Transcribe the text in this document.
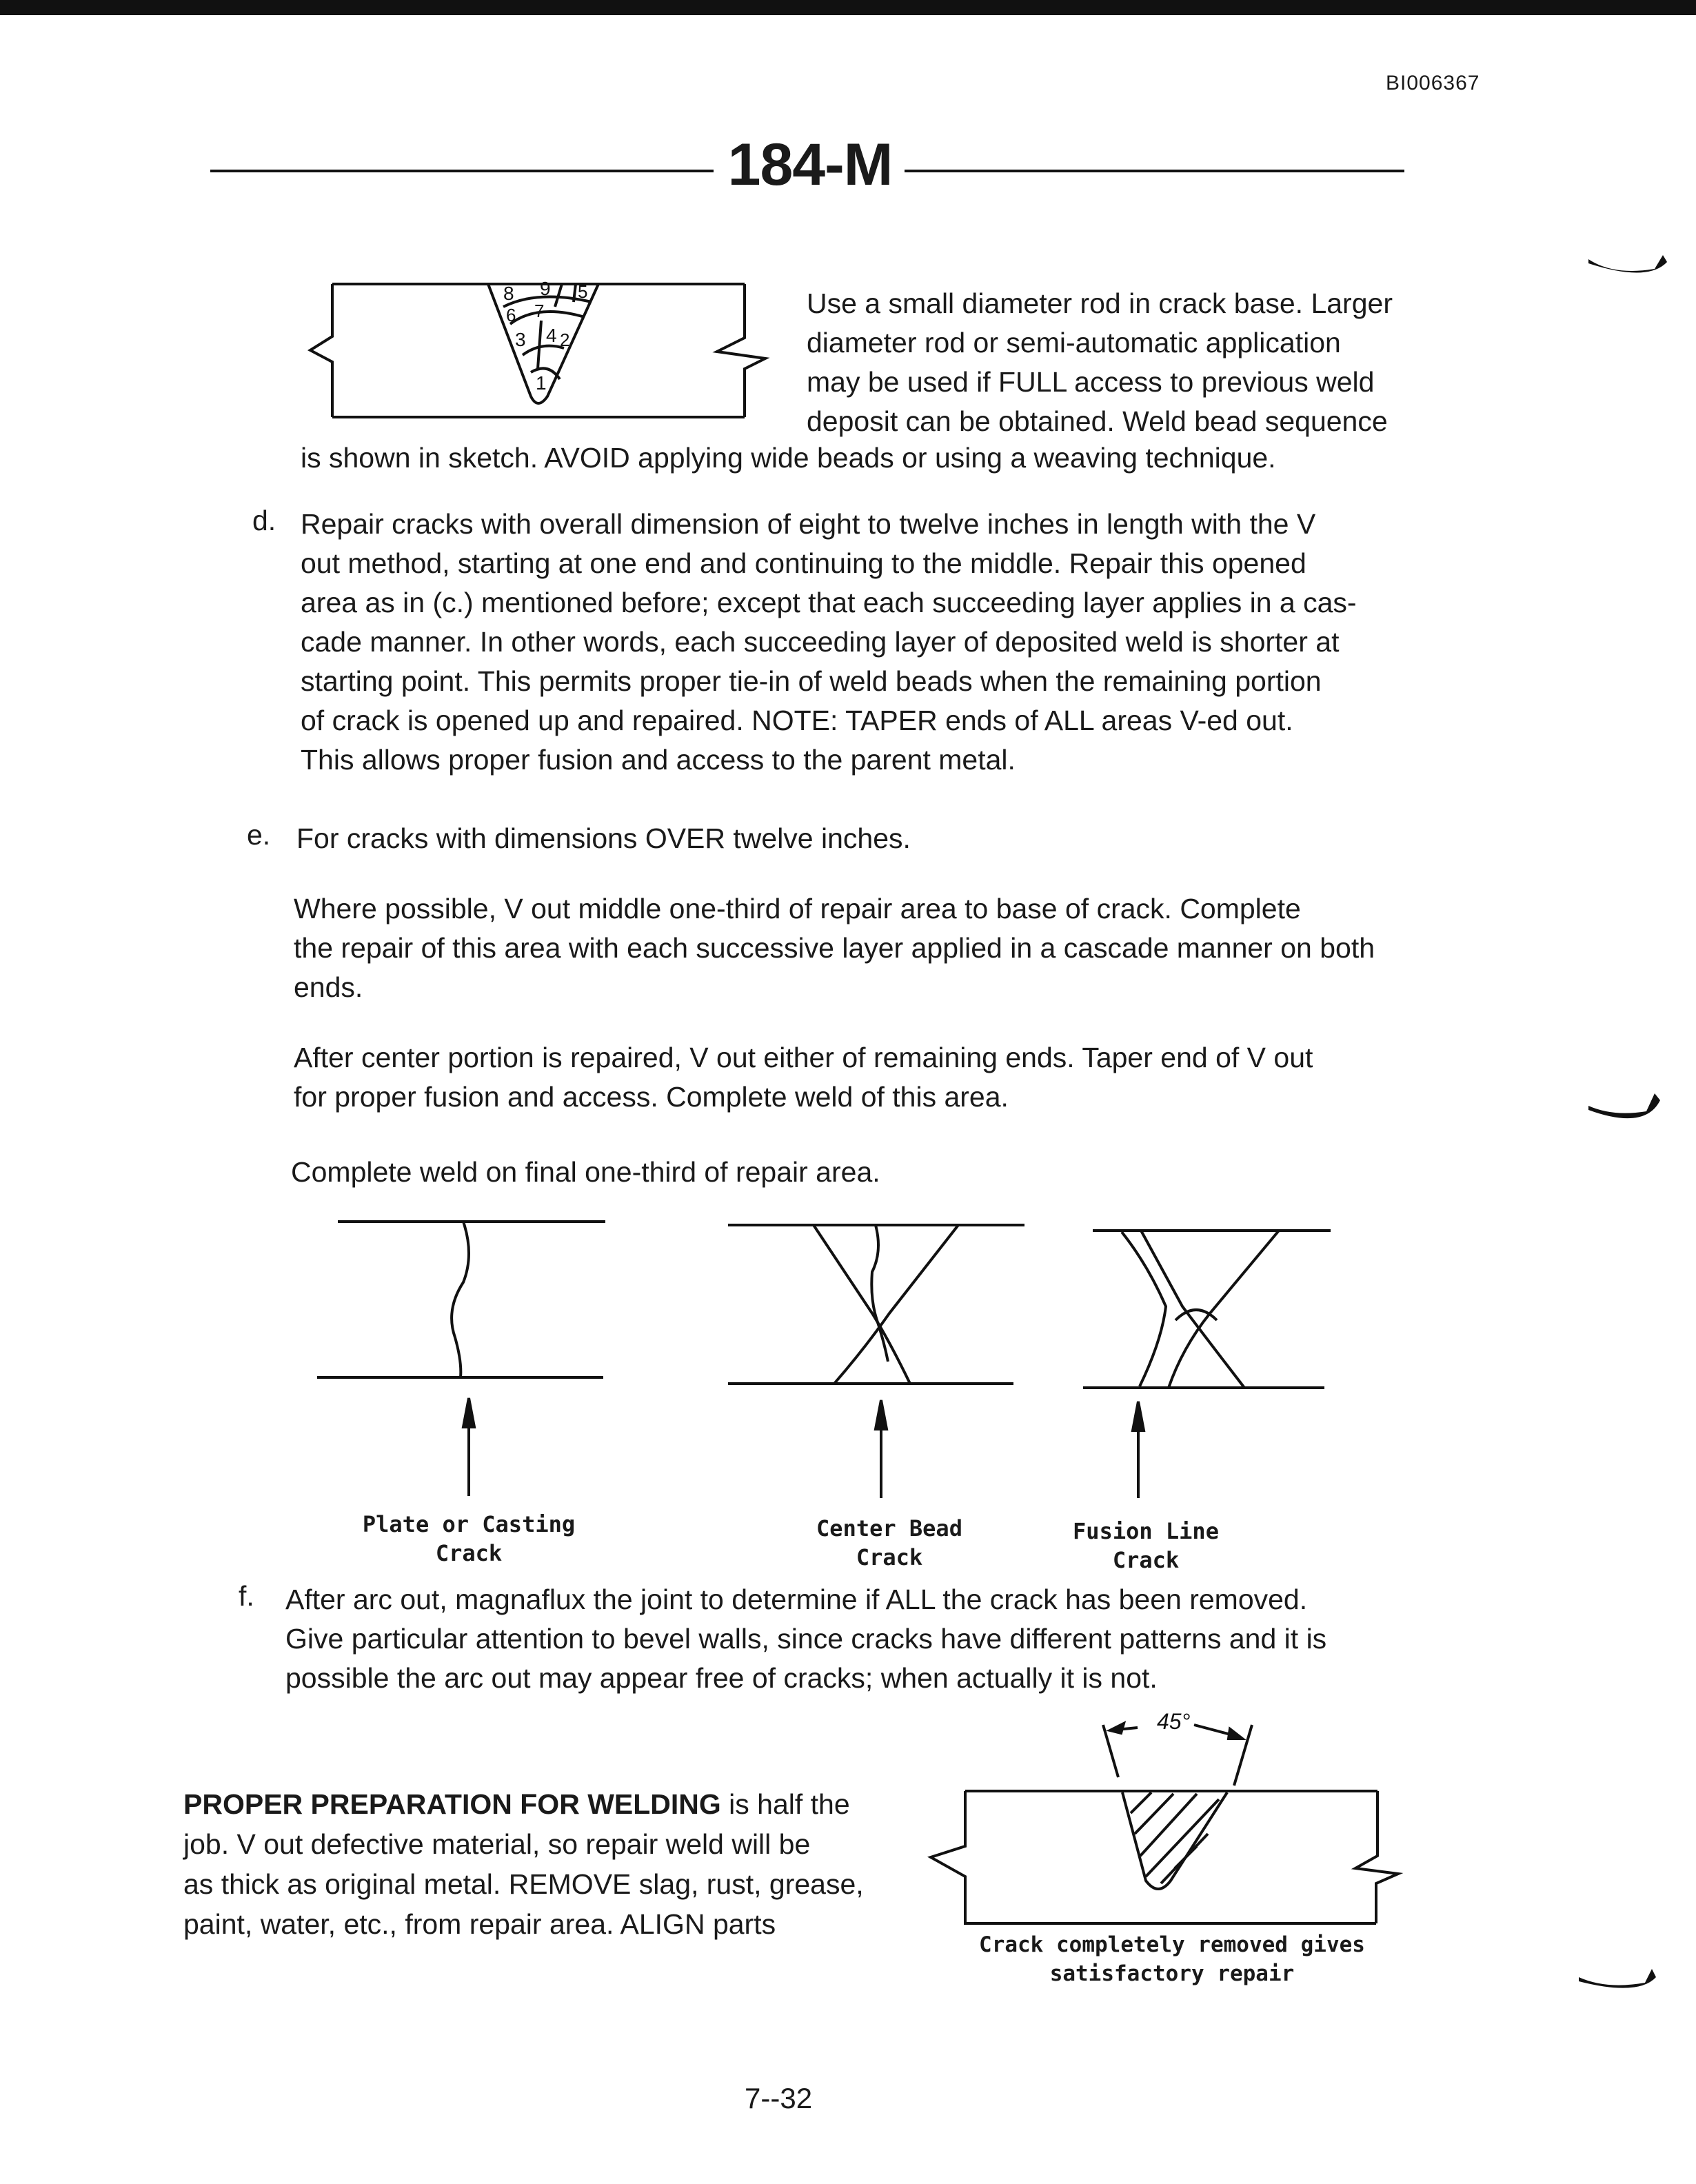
BI006367
184-M
8 9 5
6 7
3 4 2
1
Use a small diameter rod in crack base. Larger
diameter rod or semi-automatic application
may be used if FULL access to previous weld
deposit can be obtained. Weld bead sequence
is shown in sketch. AVOID applying wide beads or using a weaving technique.
d. Repair cracks with overall dimension of eight to twelve inches in length with the V
out method, starting at one end and continuing to the middle. Repair this opened
area as in (c.) mentioned before; except that each succeeding layer applies in a cas-
cade manner. In other words, each succeeding layer of deposited weld is shorter at
starting point. This permits proper tie-in of weld beads when the remaining portion
of crack is opened up and repaired. NOTE: TAPER ends of ALL areas V-ed out.
This allows proper fusion and access to the parent metal.
e. For cracks with dimensions OVER twelve inches.
Where possible, V out middle one-third of repair area to base of crack. Complete
the repair of this area with each successive layer applied in a cascade manner on both
ends.
After center portion is repaired, V out either of remaining ends. Taper end of V out
for proper fusion and access. Complete weld of this area.
Complete weld on final one-third of repair area.
Plate or Casting
Crack
Center Bead
Crack
Fusion Line
Crack
f. After arc out, magnaflux the joint to determine if ALL the crack has been removed.
Give particular attention to bevel walls, since cracks have different patterns and it is
possible the arc out may appear free of cracks; when actually it is not.
PROPER PREPARATION FOR WELDING is half the
job. V out defective material, so repair weld will be
as thick as original metal. REMOVE slag, rust, grease,
paint, water, etc., from repair area. ALIGN parts
45°
Crack completely removed gives
satisfactory repair
7--32
